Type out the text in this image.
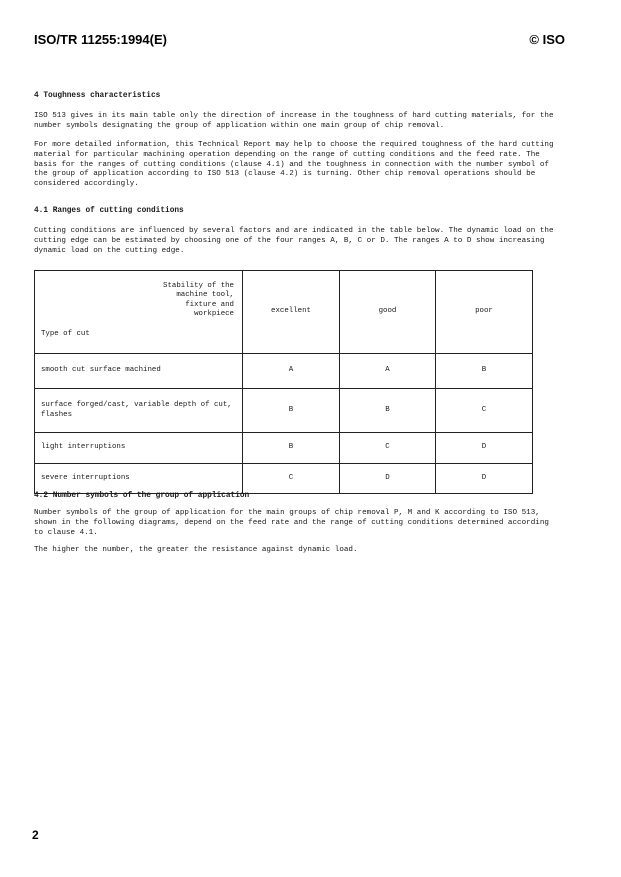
ISO/TR 11255:1994(E)	© ISO
4 Toughness characteristics

ISO 513 gives in its main table only the direction of increase in the toughness of hard cutting materials, for the number symbols designating the group of application within one main group of chip removal.

For more detailed information, this Technical Report may help to choose the required toughness of the hard cutting material for particular machining operation depending on the range of cutting conditions and the feed rate. The basis for the ranges of cutting conditions (clause 4.1) and the toughness in connection with the number symbol of the group of application according to ISO 513 (clause 4.2) is turning. Other chip removal operations should be considered accordingly.

4.1 Ranges of cutting conditions

Cutting conditions are influenced by several factors and are indicated in the table below. The dynamic load on the cutting edge can be estimated by choosing one of the four ranges A, B, C or D. The ranges A to D show increasing dynamic load on the cutting edge.

Stability of the
machine tool,
fixture and
workpiece
Type of cut	excellent	good	poor
smooth cut surface machined	A	A	B
surface forged/cast, variable depth of cut, flashes	B	B	C
light interruptions	B	C	D
severe interruptions	C	D	D
4.2 Number symbols of the group of application

Number symbols of the group of application for the main groups of chip removal P, M and K according to ISO 513, shown in the following diagrams, depend on the feed rate and the range of cutting conditions determined according to clause 4.1.

The higher the number, the greater the resistance against dynamic load.

2
